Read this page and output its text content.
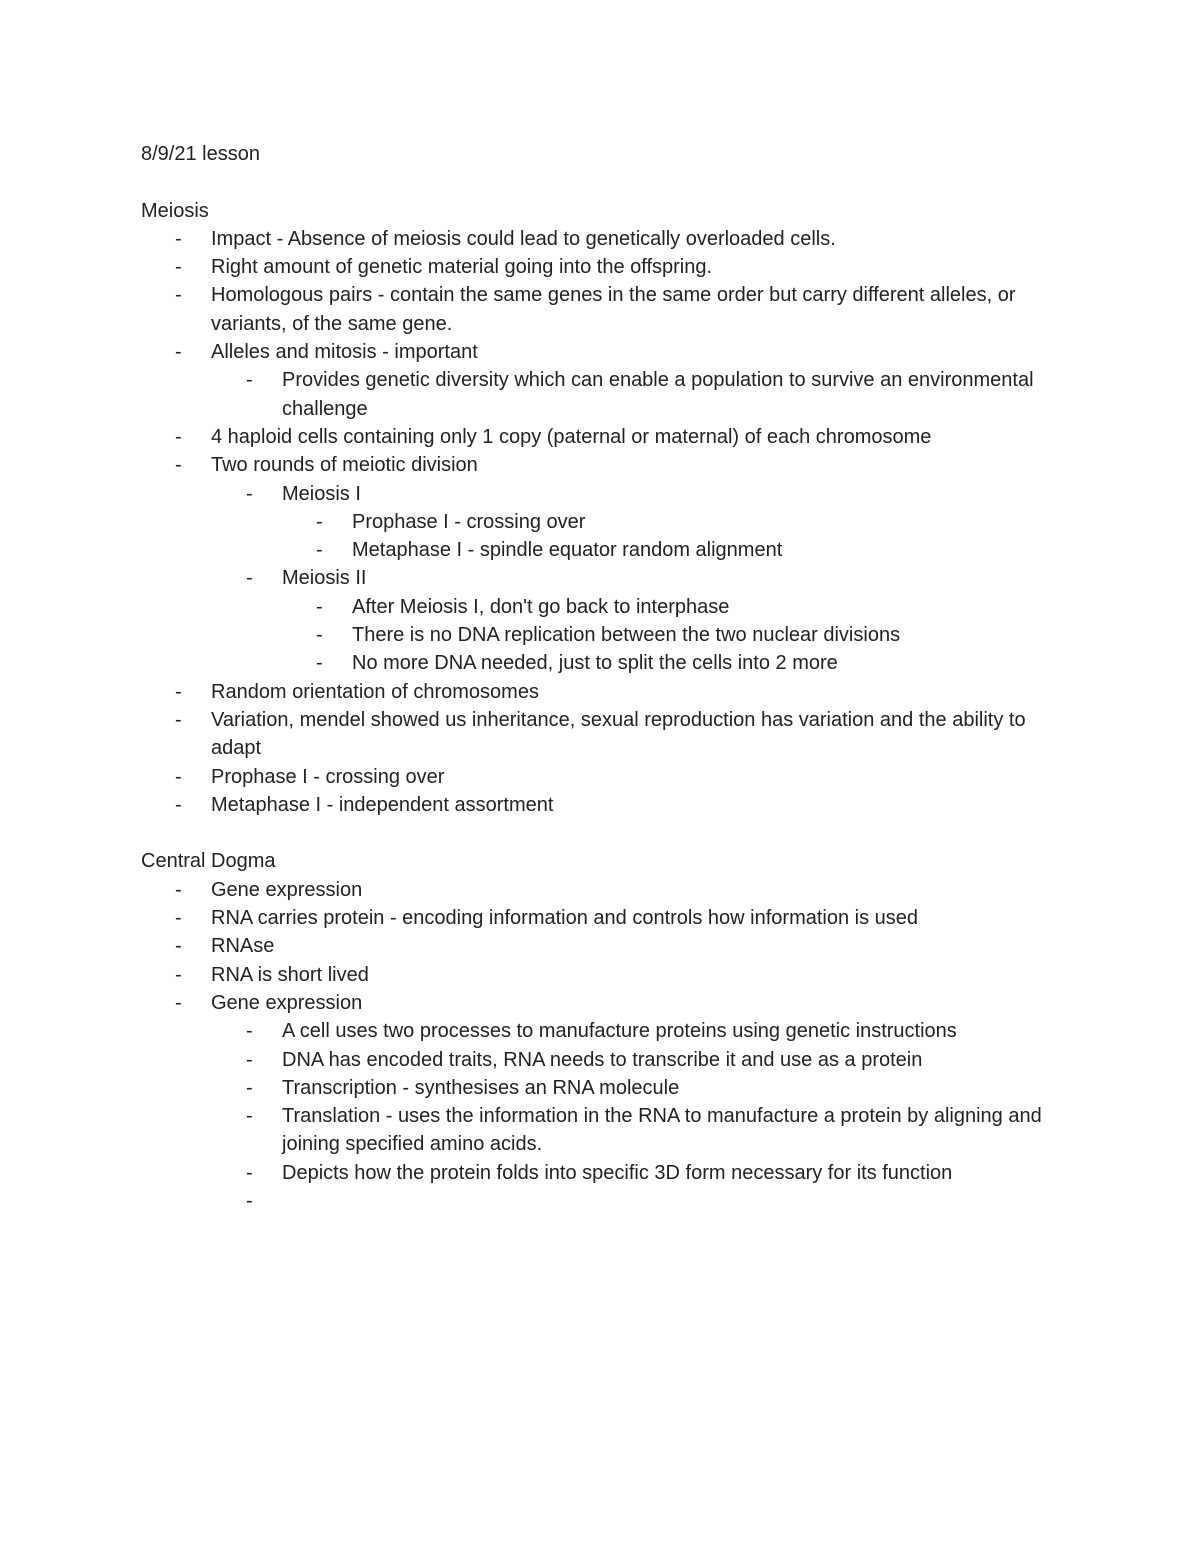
8/9/21 lesson
Meiosis
- Impact - Absence of meiosis could lead to genetically overloaded cells.
- Right amount of genetic material going into the offspring.
- Homologous pairs - contain the same genes in the same order but carry different alleles, or variants, of the same gene.
- Alleles and mitosis - important
- Provides genetic diversity which can enable a population to survive an environmental challenge
- 4 haploid cells containing only 1 copy (paternal or maternal) of each chromosome
- Two rounds of meiotic division
- Meiosis I
- Prophase I - crossing over
- Metaphase I - spindle equator random alignment
- Meiosis II
- After Meiosis I, don't go back to interphase
- There is no DNA replication between the two nuclear divisions
- No more DNA needed, just to split the cells into 2 more
- Random orientation of chromosomes
- Variation, mendel showed us inheritance, sexual reproduction has variation and the ability to adapt
- Prophase I - crossing over
- Metaphase I - independent assortment
Central Dogma
- Gene expression
- RNA carries protein - encoding information and controls how information is used
- RNAse
- RNA is short lived
- Gene expression
- A cell uses two processes to manufacture proteins using genetic instructions
- DNA has encoded traits, RNA needs to transcribe it and use as a protein
- Transcription - synthesises an RNA molecule
- Translation - uses the information in the RNA to manufacture a protein by aligning and joining specified amino acids.
- Depicts how the protein folds into specific 3D form necessary for its function
-
